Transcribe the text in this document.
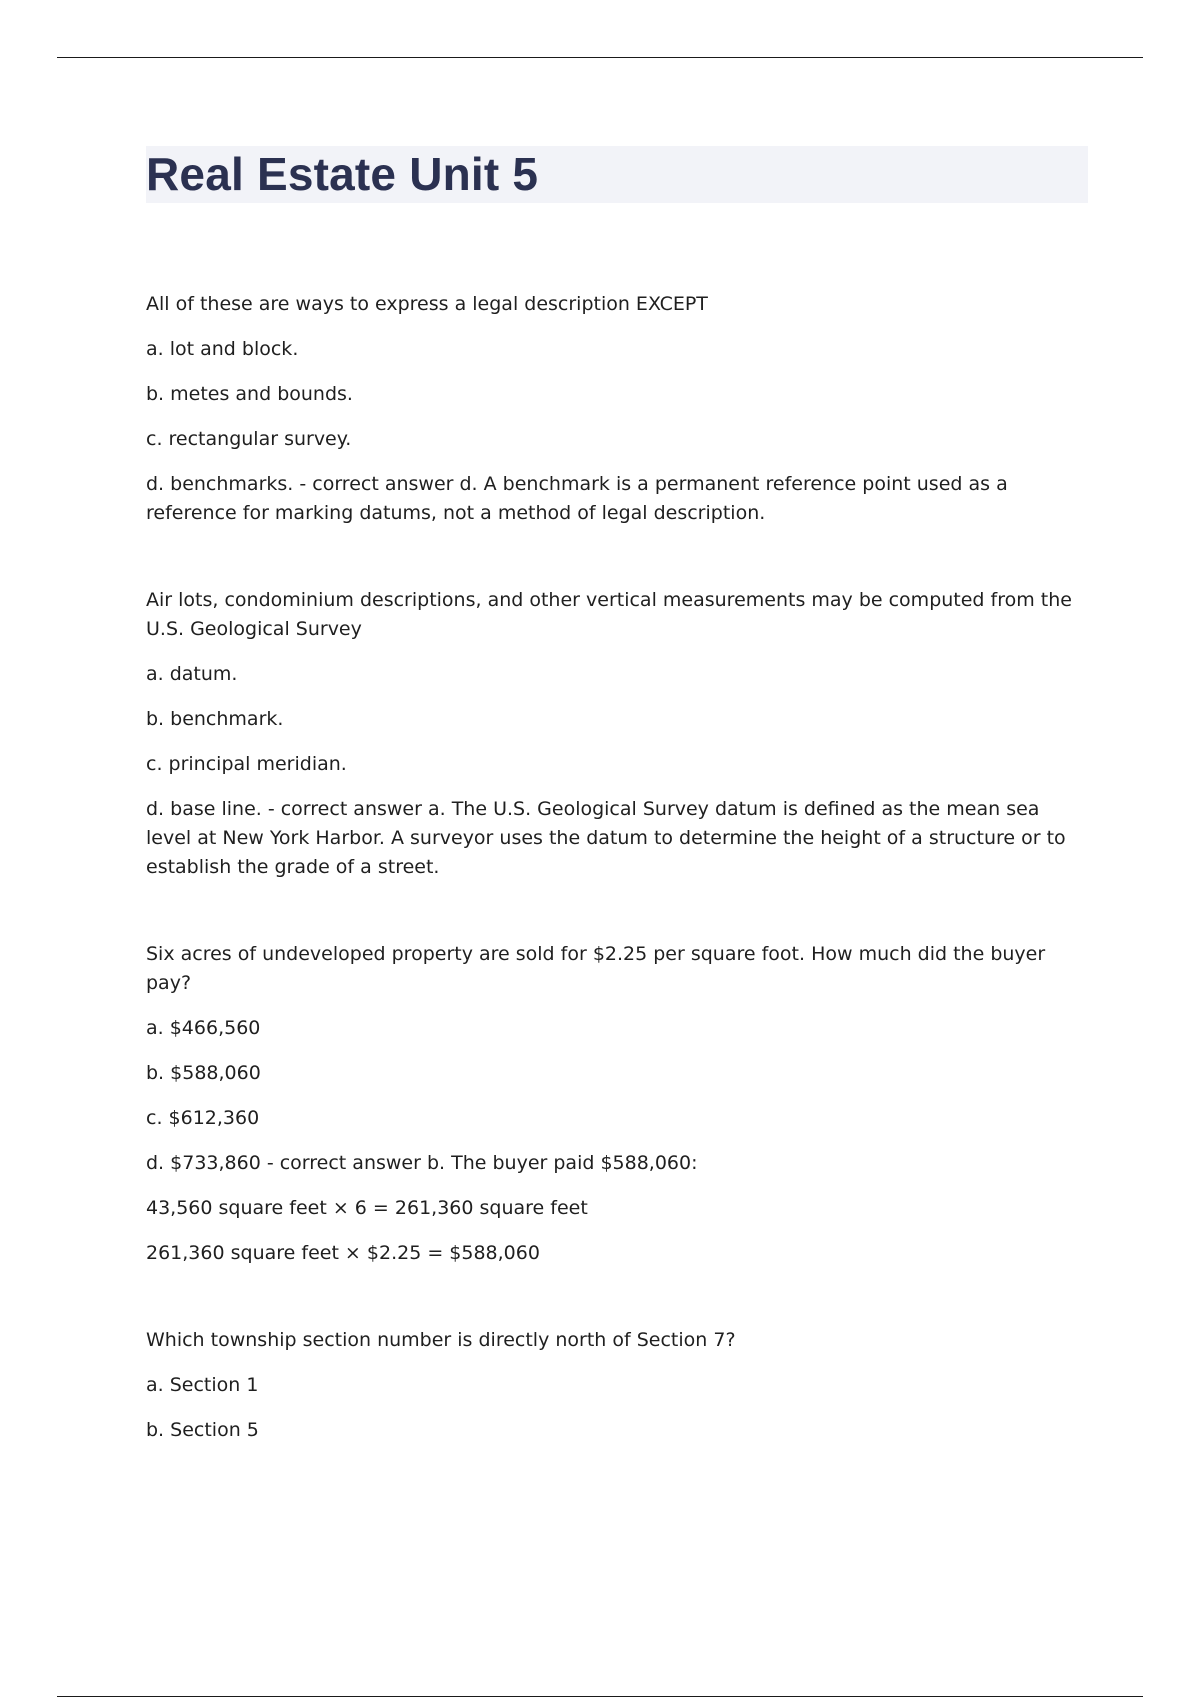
Real Estate Unit 5

All of these are ways to express a legal description EXCEPT

a. lot and block.

b. metes and bounds.

c. rectangular survey.

d. benchmarks. - correct answer d. A benchmark is a permanent reference point used as a reference for marking datums, not a method of legal description.

Air lots, condominium descriptions, and other vertical measurements may be computed from the U.S. Geological Survey

a. datum.

b. benchmark.

c. principal meridian.

d. base line. - correct answer a. The U.S. Geological Survey datum is defined as the mean sea level at New York Harbor. A surveyor uses the datum to determine the height of a structure or to establish the grade of a street.

Six acres of undeveloped property are sold for $2.25 per square foot. How much did the buyer pay?

a. $466,560

b. $588,060

c. $612,360

d. $733,860 - correct answer b. The buyer paid $588,060:

43,560 square feet × 6 = 261,360 square feet

261,360 square feet × $2.25 = $588,060

Which township section number is directly north of Section 7?

a. Section 1

b. Section 5
